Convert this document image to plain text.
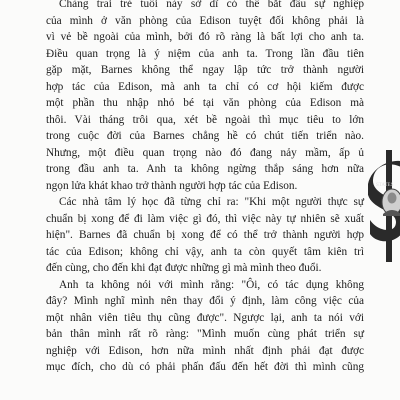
Chàng trai trẻ tuổi này sở dĩ có thể bắt đầu sự nghiệp
của mình ở văn phòng của Edison tuyệt đối không phải là
vì vẻ bề ngoài của mình, bởi đó rõ ràng là bất lợi cho anh ta.
Điều quan trọng là ý niệm của anh ta. Trong lần đầu tiên
gặp mặt, Barnes không thể ngay lập tức trở thành người
hợp tác của Edison, mà anh ta chỉ có cơ hội kiếm được
một phần thu nhập nhỏ bé tại văn phòng của Edison mà
thôi. Vài tháng trôi qua, xét bề ngoài thì mục tiêu to lớn
trong cuộc đời của Barnes chẳng hề có chút tiến triển nào.
Nhưng, một điều quan trọng nào đó đang nảy mầm, ấp ủ
trong đầu anh ta. Anh ta không ngừng thắp sáng hơn nữa
ngọn lửa khát khao trở thành người hợp tác của Edison.

Các nhà tâm lý học đã từng chỉ ra: "Khi một người thực sự
chuẩn bị xong để đi làm việc gì đó, thì việc này tự nhiên sẽ xuất
hiện". Barnes đã chuẩn bị xong để có thể trở thành người hợp
tác của Edison; không chỉ vậy, anh ta còn quyết tâm kiên trì
đến cùng, cho đến khi đạt được những gì mà mình theo đuổi.

Anh ta không nói với mình rằng: "Ôi, có tác dụng không
đây? Mình nghĩ mình nên thay đổi ý định, làm công việc của
một nhân viên tiêu thụ cũng được". Ngược lại, anh ta nói với
bản thân mình rất rõ ràng: "Mình muốn cùng phát triển sự
nghiệp với Edison, hơn nữa mình nhất định phải đạt được
mục đích, cho dù có phải phấn đấu đến hết đời thì mình cũng

STATES
